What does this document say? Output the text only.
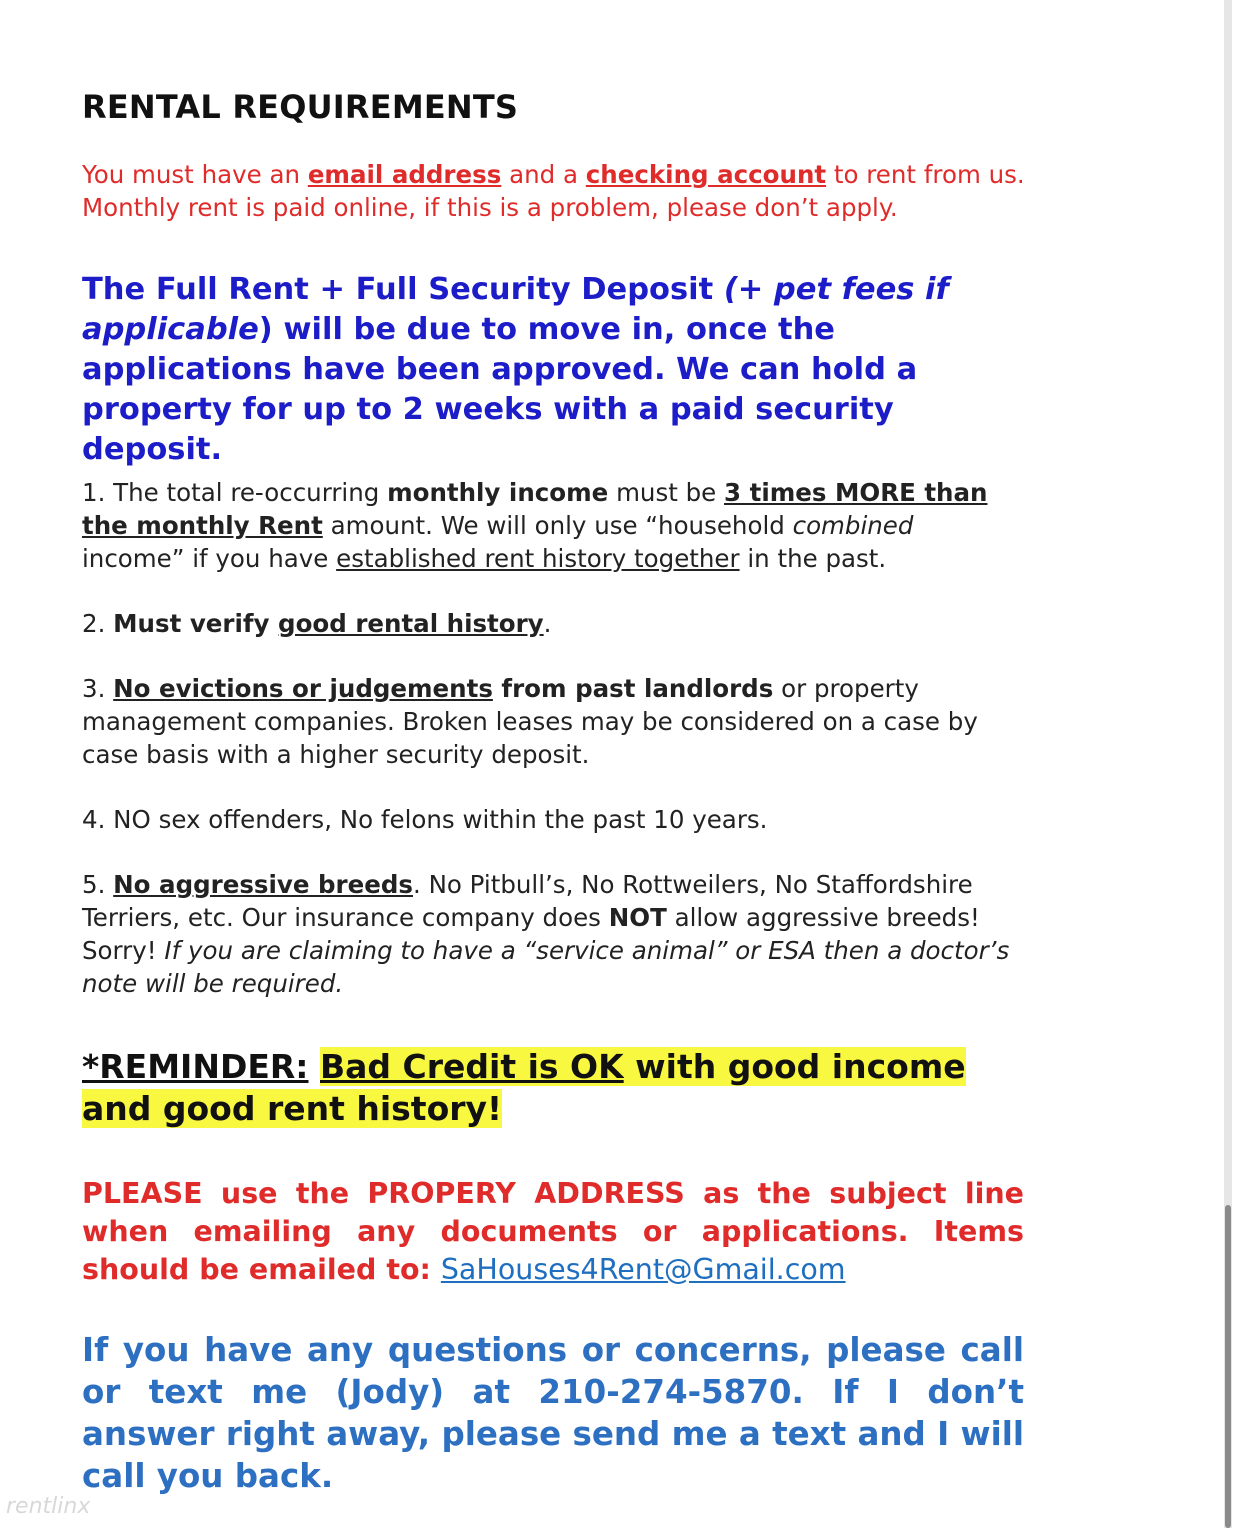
RENTAL REQUIREMENTS
You must have an email address and a checking account to rent from us.
Monthly rent is paid online, if this is a problem, please don’t apply.
The Full Rent + Full Security Deposit (+ pet fees if applicable) will be due to move in, once the applications have been approved. We can hold a property for up to 2 weeks with a paid security deposit.
1. The total re-occurring monthly income must be 3 times MORE than the monthly Rent amount. We will only use “household combined income” if you have established rent history together in the past.
2. Must verify good rental history.
3. No evictions or judgements from past landlords or property management companies. Broken leases may be considered on a case by case basis with a higher security deposit.
4. NO sex offenders, No felons within the past 10 years.
5. No aggressive breeds. No Pitbull’s, No Rottweilers, No Staffordshire Terriers, etc. Our insurance company does NOT allow aggressive breeds! Sorry! If you are claiming to have a “service animal” or ESA then a doctor’s note will be required.
*REMINDER: Bad Credit is OK with good income and good rent history!
PLEASE use the PROPERY ADDRESS as the subject line when emailing any documents or applications. Items should be emailed to: SaHouses4Rent@Gmail.com
If you have any questions or concerns, please call or text me (Jody) at 210-274-5870. If I don’t answer right away, please send me a text and I will call you back.
rentlinx
